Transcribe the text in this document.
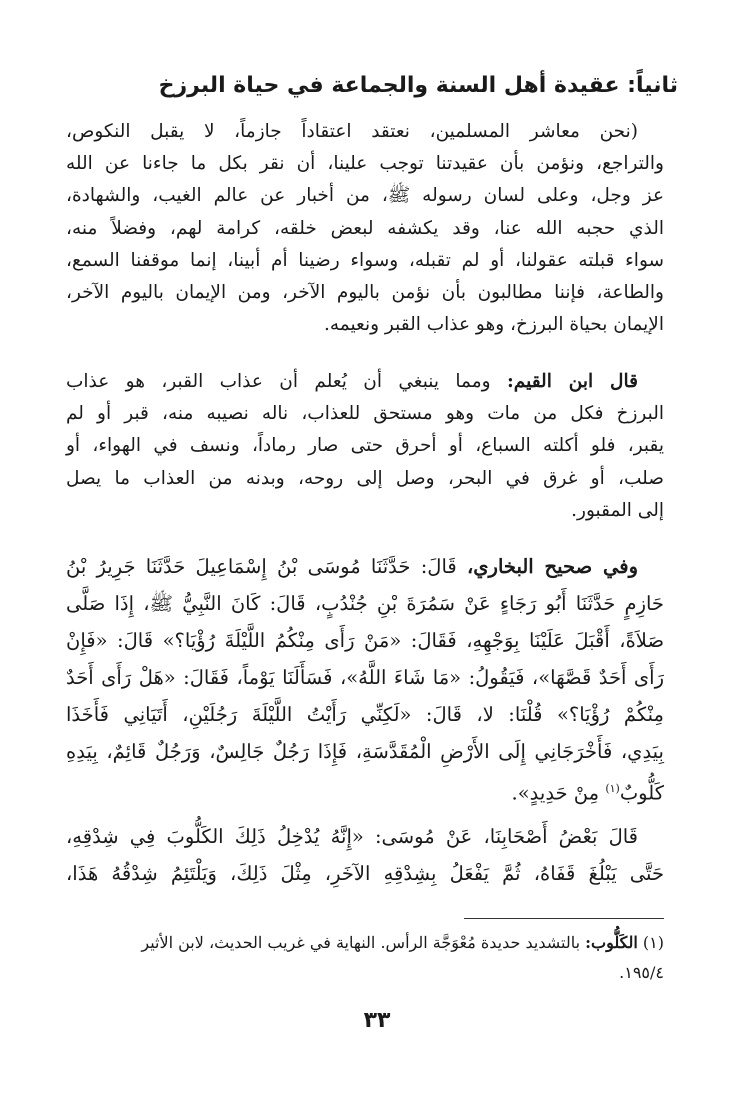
ثانياً: عقيدة أهل السنة والجماعة في حياة البرزخ
(نحن معاشر المسلمين، نعتقد اعتقاداً جازماً، لا يقبل النكوص،
والتراجع، ونؤمن بأن عقيدتنا توجب علينا، أن نقر بكل ما جاءنا عن الله
عز وجل، وعلى لسان رسوله ﷺ، من أخبار عن عالم الغيب، والشهادة،
الذي حجبه الله عنا، وقد يكشفه لبعض خلقه، كرامة لهم، وفضلاً منه،
سواء قبلته عقولنا، أو لم تقبله، وسواء رضينا أم أبينا، إنما موقفنا السمع،
والطاعة، فإننا مطالبون بأن نؤمن باليوم الآخر، ومن الإيمان باليوم الآخر،
الإيمان بحياة البرزخ، وهو عذاب القبر ونعيمه.
قال ابن القيم: ومما ينبغي أن يُعلم أن عذاب القبر، هو عذاب
البرزخ فكل من مات وهو مستحق للعذاب، ناله نصيبه منه، قبر أو لم
يقبر، فلو أكلته السباع، أو أحرق حتى صار رماداً، ونسف في الهواء، أو
صلب، أو غرق في البحر، وصل إلى روحه، وبدنه من العذاب ما يصل
إلى المقبور.
وفي صحيح البخاري، قَالَ: حَدَّثَنَا مُوسَى بْنُ إِسْمَاعِيلَ حَدَّثَنَا جَرِيرُ بْنُ
حَازِمٍ حَدَّثَنَا أَبُو رَجَاءٍ عَنْ سَمُرَةَ بْنِ جُنْدُبٍ، قَالَ: كَانَ النَّبِيُّ ﷺ، إِذَا صَلَّى
صَلاَةً، أَقْبَلَ عَلَيْنَا بِوَجْهِهِ، فَقَالَ: «مَنْ رَأَى مِنْكُمُ اللَّيْلَةَ رُؤْيَا؟» قَالَ: «فَإِنْ
رَأَى أَحَدٌ قَصَّهَا»، فَيَقُولُ: «مَا شَاءَ اللَّهُ»، فَسَأَلَنَا يَوْماً، فَقَالَ: «هَلْ رَأَى أَحَدٌ
مِنْكُمْ رُؤْيَا؟» قُلْنَا: لا، قَالَ: «لَكِنِّي رَأَيْتُ اللَّيْلَةَ رَجُلَيْنِ، أَتَيَانِي فَأَخَذَا
بِيَدِي، فَأَخْرَجَانِي إِلَى الأَرْضِ الْمُقَدَّسَةِ، فَإِذَا رَجُلٌ جَالِسٌ، وَرَجُلٌ قَائِمٌ، بِيَدِهِ
كَلُّوبٌ$^{(١)}$ مِنْ حَدِيدٍ».
قَالَ بَعْضُ أَصْحَابِنَا، عَنْ مُوسَى: «إِنَّهُ يُدْخِلُ ذَلِكَ الكَلُّوبَ فِي شِدْقِهِ،
حَتَّى يَبْلُغَ قَفَاهُ، ثُمَّ يَفْعَلُ بِشِدْقِهِ الآخَرِ، مِثْلَ ذَلِكَ، وَيَلْتَئِمُ شِدْقُهُ هَذَا،
(١) الكَلُّوب: بالتشديد حديدة مُعْوَجَّة الرأس. النهاية في غريب الحديث، لابن الأثير
١٩٥/٤.
٣٣
